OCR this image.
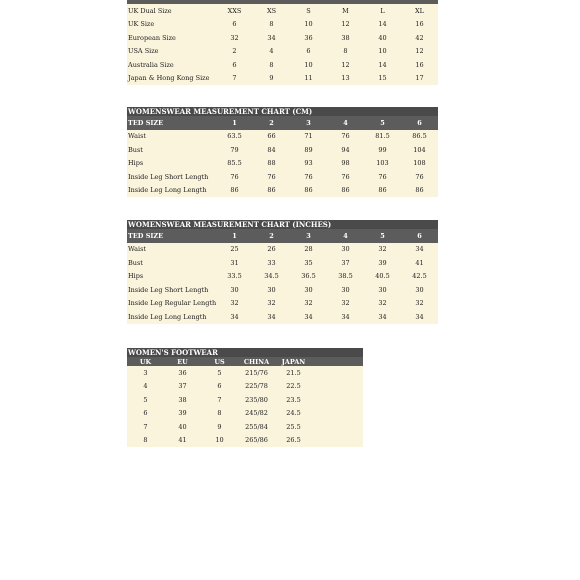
UK Dual Size	XXS	XS	S	M	L	XL
UK Size	6	8	10	12	14	16
European Size	32	34	36	38	40	42
USA Size	2	4	6	8	10	12
Australia Size	6	8	10	12	14	16
Japan & Hong Kong Size	7	9	11	13	15	17
WOMENSWEAR MEASUREMENT CHART (CM)
TED SIZE	1	2	3	4	5	6
Waist	63.5	66	71	76	81.5	86.5
Bust	79	84	89	94	99	104
Hips	85.5	88	93	98	103	108
Inside Leg Short Length	76	76	76	76	76	76
Inside Leg Long Length	86	86	86	86	86	86
WOMENSWEAR MEASUREMENT CHART (INCHES)
TED SIZE	1	2	3	4	5	6
Waist	25	26	28	30	32	34
Bust	31	33	35	37	39	41
Hips	33.5	34.5	36.5	38.5	40.5	42.5
Inside Leg Short Length	30	30	30	30	30	30
Inside Leg Regular Length	32	32	32	32	32	32
Inside Leg Long Length	34	34	34	34	34	34
WOMEN'S FOOTWEAR
UK	EU	US	CHINA	JAPAN
3	36	5	215/76	21.5
4	37	6	225/78	22.5
5	38	7	235/80	23.5
6	39	8	245/82	24.5
7	40	9	255/84	25.5
8	41	10	265/86	26.5
